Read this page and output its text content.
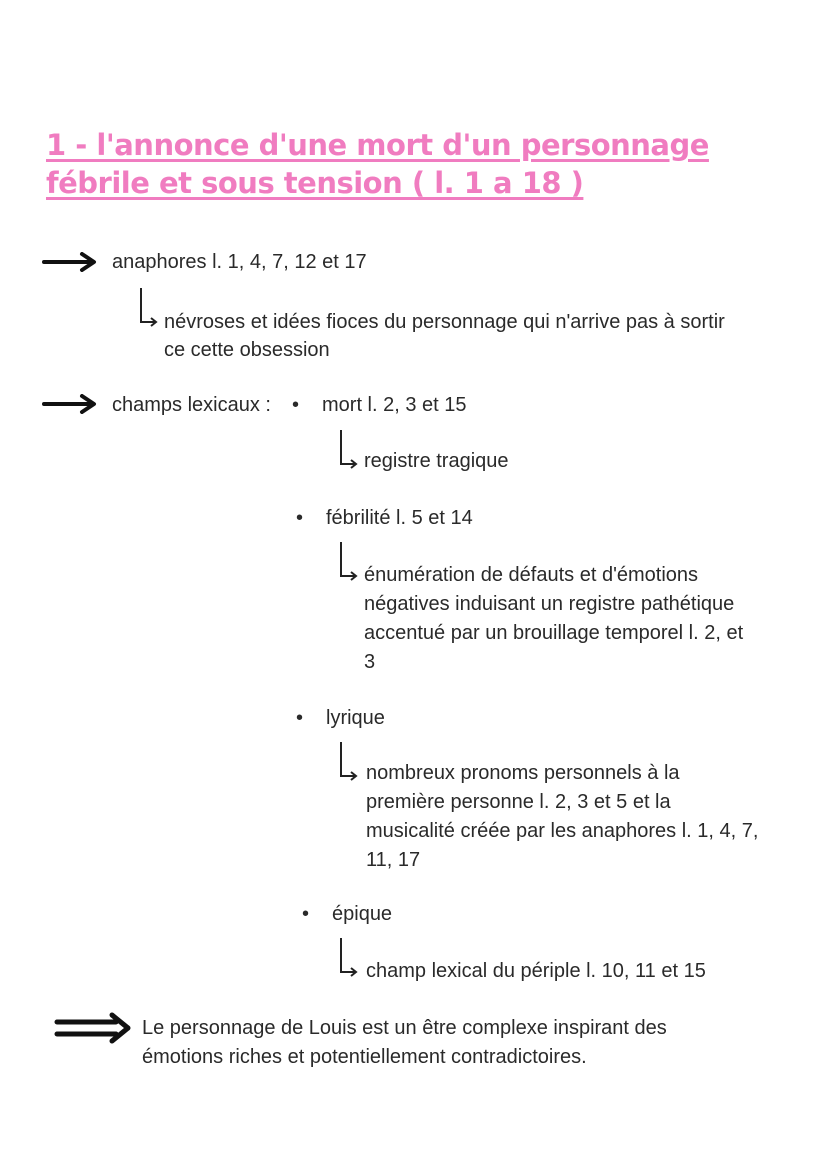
1 - l'annonce d'une mort d'un personnage
fébrile et sous tension ( l. 1 a 18 )
anaphores l. 1, 4, 7, 12 et 17
névroses et idées fioces du personnage qui n'arrive pas à sortir
ce cette obsession
champs lexicaux : • mort l. 2, 3 et 15
registre tragique
• fébrilité l. 5 et 14
énumération de défauts et d'émotions
négatives induisant un registre pathétique
accentué par un brouillage temporel l. 2, et
3
• lyrique
nombreux pronoms personnels à la
première personne l. 2, 3 et 5 et la
musicalité créée par les anaphores l. 1, 4, 7,
11, 17
• épique
champ lexical du périple l. 10, 11 et 15
Le personnage de Louis est un être complexe inspirant des
émotions riches et potentiellement contradictoires.
